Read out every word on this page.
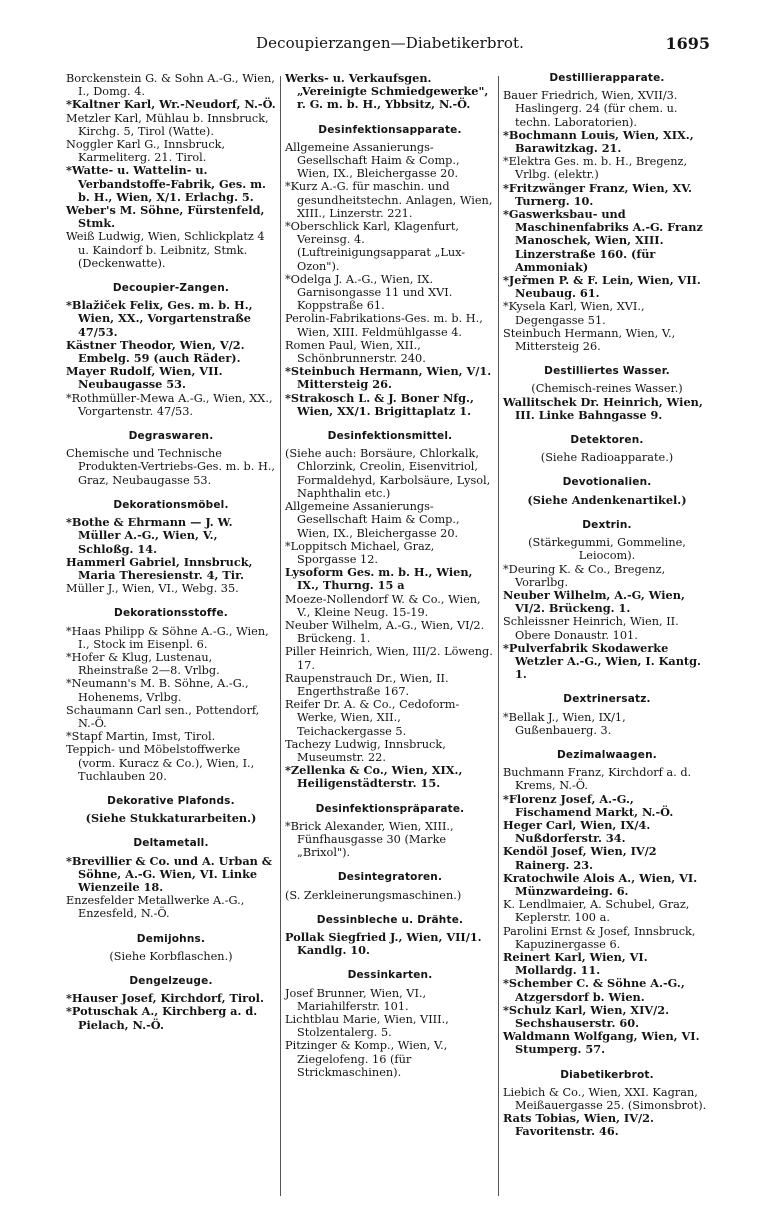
Decoupierzangen—Diabetikerbrot.	1695
Borckenstein G. & Sohn A.-G., Wien, I., Domg. 4.
*Kaltner Karl, Wr.-Neudorf, N.-Ö.
Metzler Karl, Mühlau b. Innsbruck, Kirchg. 5, Tirol (Watte).
Noggler Karl G., Innsbruck, Karmeliterg. 21. Tirol.
*Watte- u. Wattelin- u. Verbandstoffe-Fabrik, Ges. m. b. H., Wien, X/1. Erlachg. 5.
Weber's M. Söhne, Fürstenfeld, Stmk.
Weiß Ludwig, Wien, Schlickplatz 4 u. Kaindorf b. Leibnitz, Stmk. (Deckenwatte).
Decoupier-Zangen.
*Blažiček Felix, Ges. m. b. H., Wien, XX., Vorgartenstraße 47/53.
Kästner Theodor, Wien, V/2. Embelg. 59 (auch Räder).
Mayer Rudolf, Wien, VII. Neubaugasse 53.
*Rothmüller-Mewa A.-G., Wien, XX., Vorgartenstr. 47/53.
Degraswaren.
Chemische und Technische Produkten-Vertriebs-Ges. m. b. H., Graz, Neubaugasse 53.
Dekorationsmöbel.
*Bothe & Ehrmann — J. W. Müller A.-G., Wien, V., Schloßg. 14.
Hammerl Gabriel, Innsbruck, Maria Theresienstr. 4, Tir.
Müller J., Wien, VI., Webg. 35.
Dekorationsstoffe.
*Haas Philipp & Söhne A.-G., Wien, I., Stock im Eisenpl. 6.
*Hofer & Klug, Lustenau, Rheinstraße 2—8. Vrlbg.
*Neumann's M. B. Söhne, A.-G., Hohenems, Vrlbg.
Schaumann Carl sen., Pottendorf, N.-Ö.
*Stapf Martin, Imst, Tirol.
Teppich- und Möbelstoffwerke (vorm. Kuracz & Co.), Wien, I., Tuchlauben 20.
Dekorative Plafonds.
(Siehe Stukkaturarbeiten.)
Deltametall.
*Brevillier & Co. und A. Urban & Söhne, A.-G. Wien, VI. Linke Wienzeile 18.
Enzesfelder Metallwerke A.-G., Enzesfeld, N.-Ö.
Demijohns.
(Siehe Korbflaschen.)
Dengelzeuge.
*Hauser Josef, Kirchdorf, Tirol.
*Potuschak A., Kirchberg a. d. Pielach, N.-Ö.
Werks- u. Verkaufsgen. „Vereinigte Schmiedgewerke", r. G. m. b. H., Ybbsitz, N.-Ö.
Desinfektionsapparate.
Allgemeine Assanierungs-Gesellschaft Haim & Comp., Wien, IX., Bleichergasse 20.
*Kurz A.-G. für maschin. und gesundheitstechn. Anlagen, Wien, XIII., Linzerstr. 221.
*Oberschlick Karl, Klagenfurt, Vereinsg. 4. (Luftreinigungsapparat „Lux-Ozon").
*Odelga J. A.-G., Wien, IX. Garnisongasse 11 und XVI. Koppstraße 61.
Perolin-Fabrikations-Ges. m. b. H., Wien, XIII. Feldmühlgasse 4.
Romen Paul, Wien, XII., Schönbrunnerstr. 240.
*Steinbuch Hermann, Wien, V/1. Mittersteig 26.
*Strakosch L. & J. Boner Nfg., Wien, XX/1. Brigittaplatz 1.
Desinfektionsmittel.
(Siehe auch: Borsäure, Chlorkalk, Chlorzink, Creolin, Eisenvitriol, Formaldehyd, Karbolsäure, Lysol, Naphthalin etc.)
Allgemeine Assanierungs-Gesellschaft Haim & Comp., Wien, IX., Bleichergasse 20.
*Loppitsch Michael, Graz, Sporgasse 12.
Lysoform Ges. m. b. H., Wien, IX., Thurng. 15 a
Moeze-Nollendorf W. & Co., Wien, V., Kleine Neug. 15-19.
Neuber Wilhelm, A.-G., Wien, VI/2. Brückeng. 1.
Piller Heinrich, Wien, III/2. Löweng. 17.
Raupenstrauch Dr., Wien, II. Engerthstraße 167.
Reifer Dr. A. & Co., Cedoform-Werke, Wien, XII., Teichackergasse 5.
Tachezy Ludwig, Innsbruck, Museumstr. 22.
*Zellenka & Co., Wien, XIX., Heiligenstädterstr. 15.
Desinfektionspräparate.
*Brick Alexander, Wien, XIII., Fünfhausgasse 30 (Marke „Brixol").
Desintegratoren.
(S. Zerkleinerungsmaschinen.)
Dessinbleche u. Drähte.
Pollak Siegfried J., Wien, VII/1. Kandlg. 10.
Dessinkarten.
Josef Brunner, Wien, VI., Mariahilferstr. 101.
Lichtblau Marie, Wien, VIII., Stolzentalerg. 5.
Pitzinger & Komp., Wien, V., Ziegelofeng. 16 (für Strickmaschinen).
Destillierapparate.
Bauer Friedrich, Wien, XVII/3. Haslingerg. 24 (für chem. u. techn. Laboratorien).
*Bochmann Louis, Wien, XIX., Barawitzkag. 21.
*Elektra Ges. m. b. H., Bregenz, Vrlbg. (elektr.)
*Fritzwänger Franz, Wien, XV. Turnerg. 10.
*Gaswerksbau- und Maschinenfabriks A.-G. Franz Manoschek, Wien, XIII. Linzerstraße 160. (für Ammoniak)
*Jeřmen P. & F. Lein, Wien, VII. Neubaug. 61.
*Kysela Karl, Wien, XVI., Degengasse 51.
Steinbuch Hermann, Wien, V., Mittersteig 26.
Destilliertes Wasser.
(Chemisch-reines Wasser.)
Wallitschek Dr. Heinrich, Wien, III. Linke Bahngasse 9.
Detektoren.
(Siehe Radioapparate.)
Devotionalien.
(Siehe Andenkenartikel.)
Dextrin.
(Stärkegummi, Gommeline, Leiocom).
*Deuring K. & Co., Bregenz, Vorarlbg.
Neuber Wilhelm, A.-G, Wien, VI/2. Brückeng. 1.
Schleissner Heinrich, Wien, II. Obere Donaustr. 101.
*Pulverfabrik Skodawerke Wetzler A.-G., Wien, I. Kantg. 1.
Dextrinersatz.
*Bellak J., Wien, IX/1, Gußenbauerg. 3.
Dezimalwaagen.
Buchmann Franz, Kirchdorf a. d. Krems, N.-Ö.
*Florenz Josef, A.-G., Fischamend Markt, N.-Ö.
Heger Carl, Wien, IX/4. Nußdorferstr. 34.
Kendöl Josef, Wien, IV/2 Rainerg. 23.
Kratochwile Alois A., Wien, VI. Münzwardeing. 6.
K. Lendlmaier, A. Schubel, Graz, Keplerstr. 100 a.
Parolini Ernst & Josef, Innsbruck, Kapuzinergasse 6.
Reinert Karl, Wien, VI. Mollardg. 11.
*Schember C. & Söhne A.-G., Atzgersdorf b. Wien.
*Schulz Karl, Wien, XIV/2. Sechshauserstr. 60.
Waldmann Wolfgang, Wien, VI. Stumperg. 57.
Diabetikerbrot.
Liebich & Co., Wien, XXI. Kagran, Meißauergasse 25. (Simonsbrot).
Rats Tobias, Wien, IV/2. Favoritenstr. 46.
